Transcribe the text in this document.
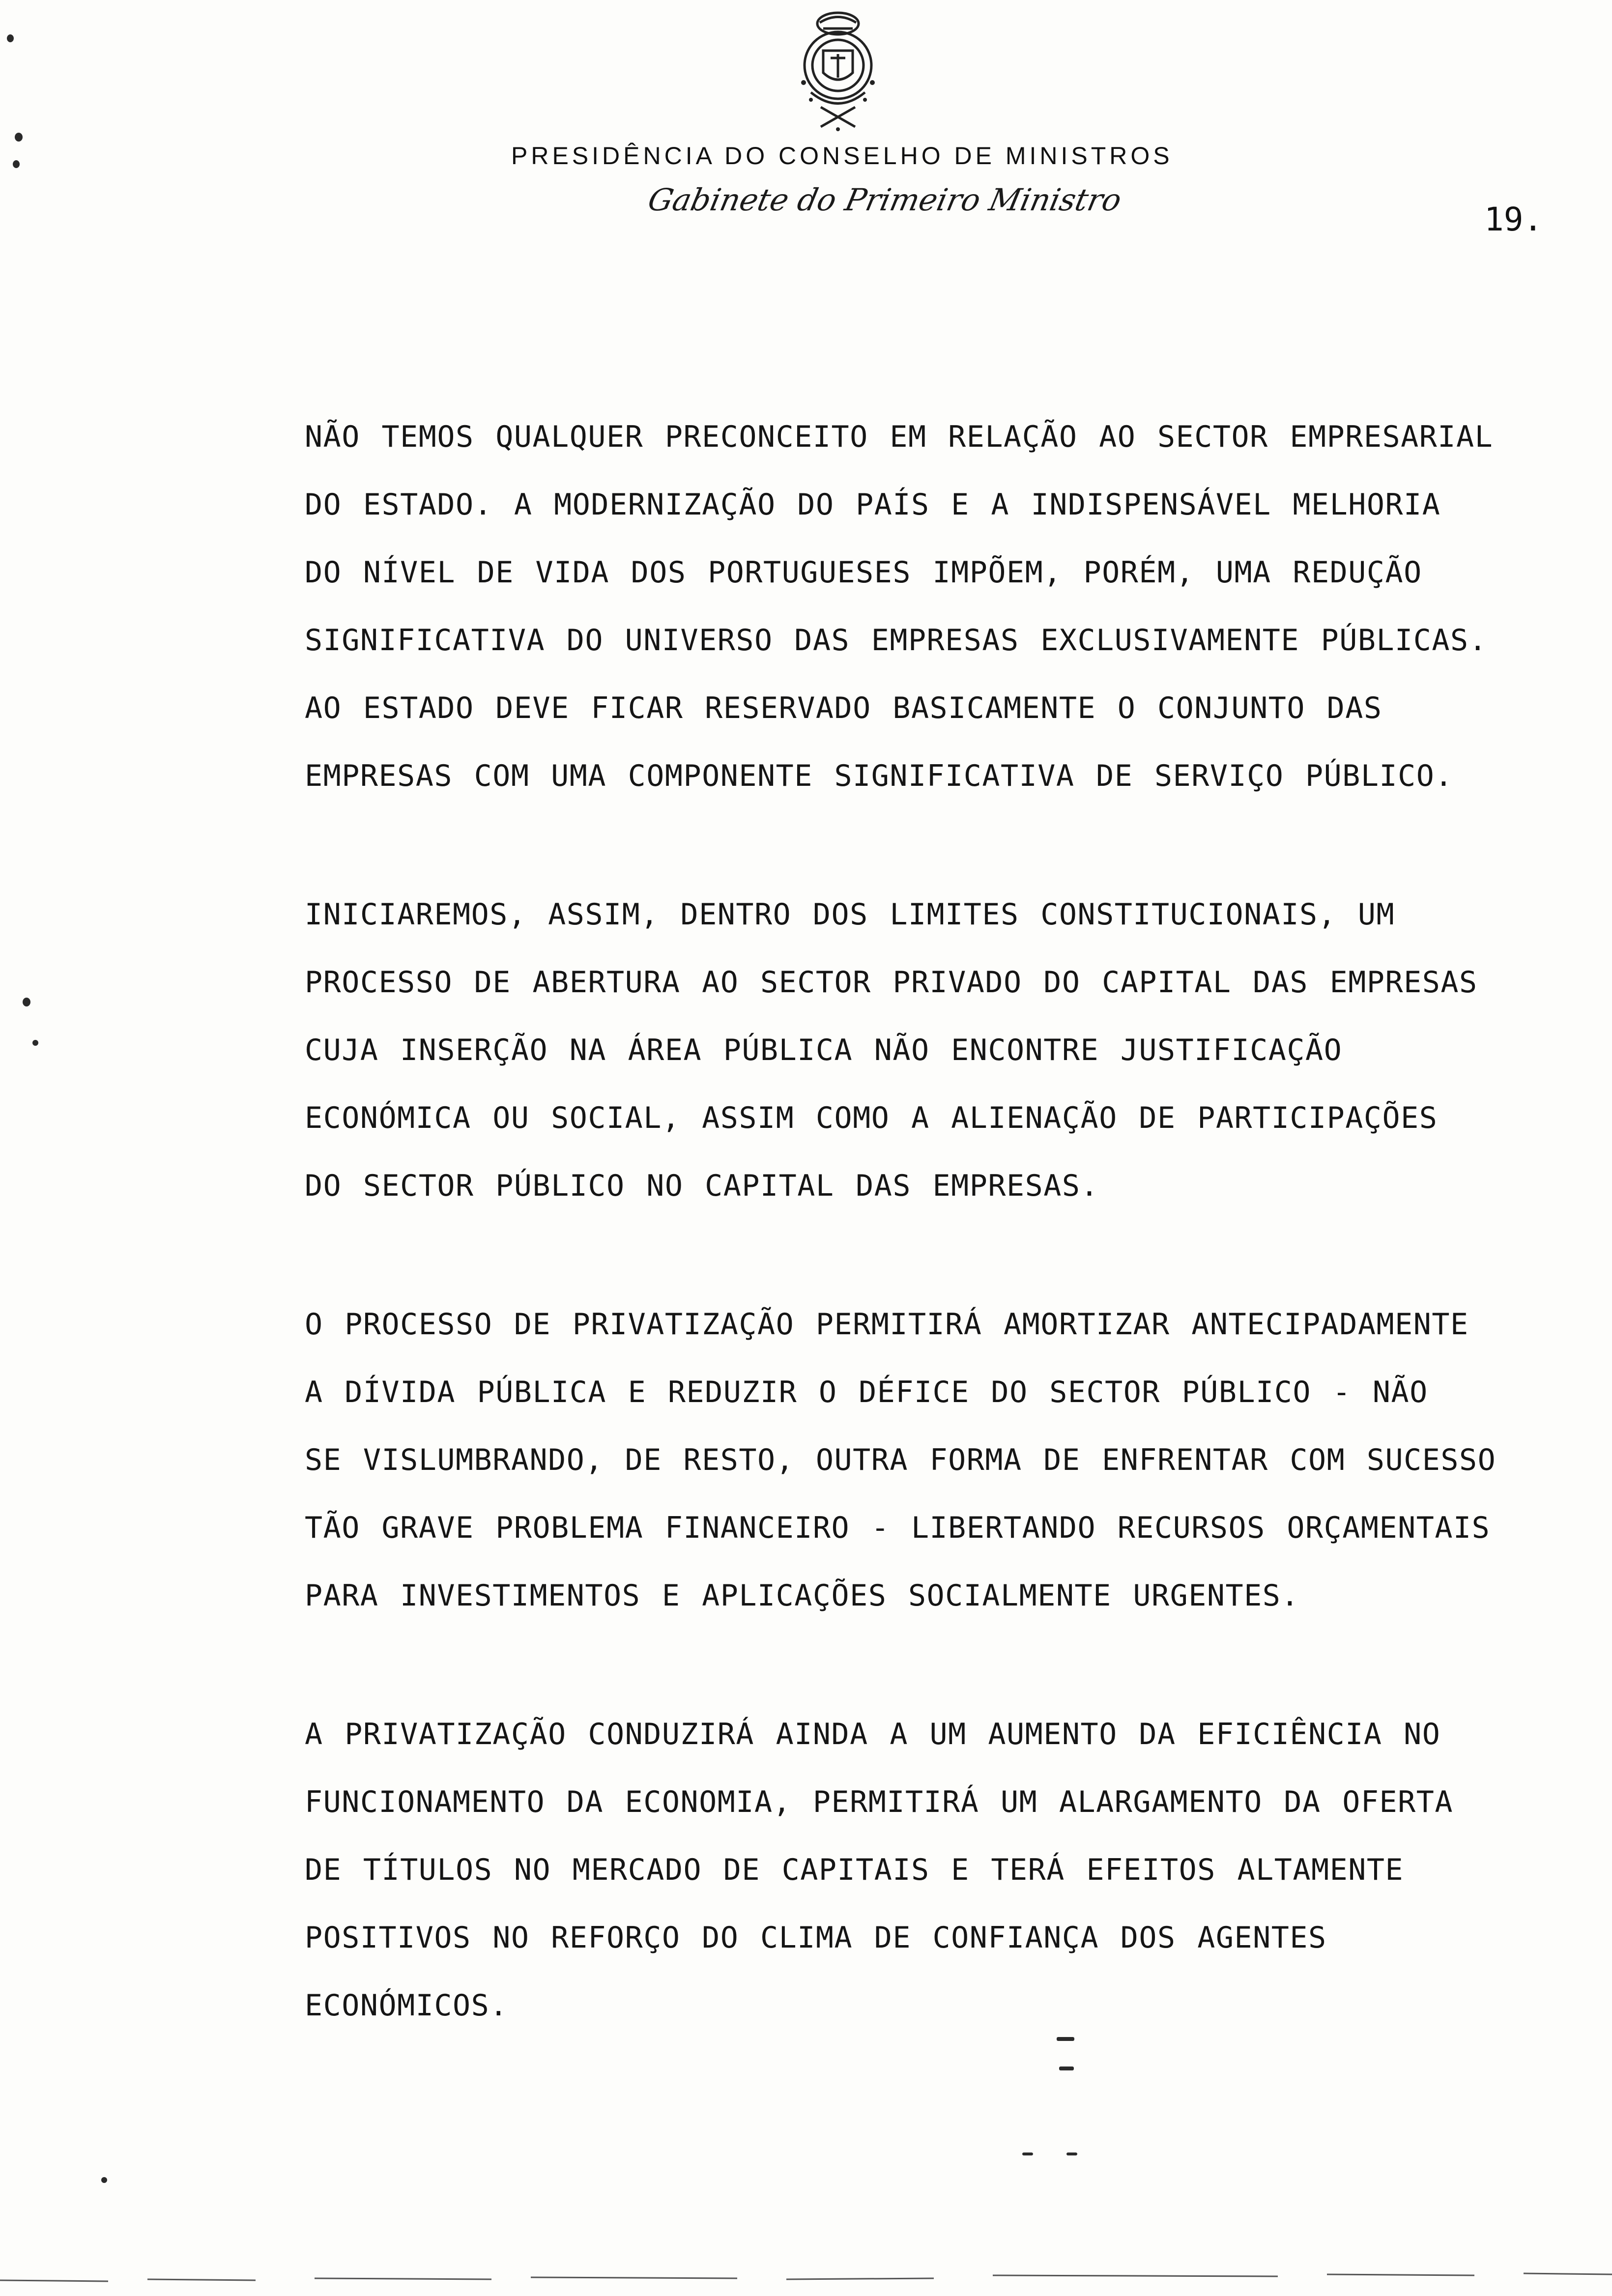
PRESIDÊNCIA DO CONSELHO DE MINISTROS
Gabinete do Primeiro Ministro
19.
NÃO TEMOS QUALQUER PRECONCEITO EM RELAÇÃO AO SECTOR EMPRESARIAL
DO ESTADO. A MODERNIZAÇÃO DO PAÍS E A INDISPENSÁVEL MELHORIA
DO NÍVEL DE VIDA DOS PORTUGUESES IMPÕEM, PORÉM, UMA REDUÇÃO
SIGNIFICATIVA DO UNIVERSO DAS EMPRESAS EXCLUSIVAMENTE PÚBLICAS.
AO ESTADO DEVE FICAR RESERVADO BASICAMENTE O CONJUNTO DAS
EMPRESAS COM UMA COMPONENTE SIGNIFICATIVA DE SERVIÇO PÚBLICO.
INICIAREMOS, ASSIM, DENTRO DOS LIMITES CONSTITUCIONAIS, UM
PROCESSO DE ABERTURA AO SECTOR PRIVADO DO CAPITAL DAS EMPRESAS
CUJA INSERÇÃO NA ÁREA PÚBLICA NÃO ENCONTRE JUSTIFICAÇÃO
ECONÓMICA OU SOCIAL, ASSIM COMO A ALIENAÇÃO DE PARTICIPAÇÕES
DO SECTOR PÚBLICO NO CAPITAL DAS EMPRESAS.
O PROCESSO DE PRIVATIZAÇÃO PERMITIRÁ AMORTIZAR ANTECIPADAMENTE
A DÍVIDA PÚBLICA E REDUZIR O DÉFICE DO SECTOR PÚBLICO - NÃO
SE VISLUMBRANDO, DE RESTO, OUTRA FORMA DE ENFRENTAR COM SUCESSO
TÃO GRAVE PROBLEMA FINANCEIRO - LIBERTANDO RECURSOS ORÇAMENTAIS
PARA INVESTIMENTOS E APLICAÇÕES SOCIALMENTE URGENTES.
A PRIVATIZAÇÃO CONDUZIRÁ AINDA A UM AUMENTO DA EFICIÊNCIA NO
FUNCIONAMENTO DA ECONOMIA, PERMITIRÁ UM ALARGAMENTO DA OFERTA
DE TÍTULOS NO MERCADO DE CAPITAIS E TERÁ EFEITOS ALTAMENTE
POSITIVOS NO REFORÇO DO CLIMA DE CONFIANÇA DOS AGENTES
ECONÓMICOS.
